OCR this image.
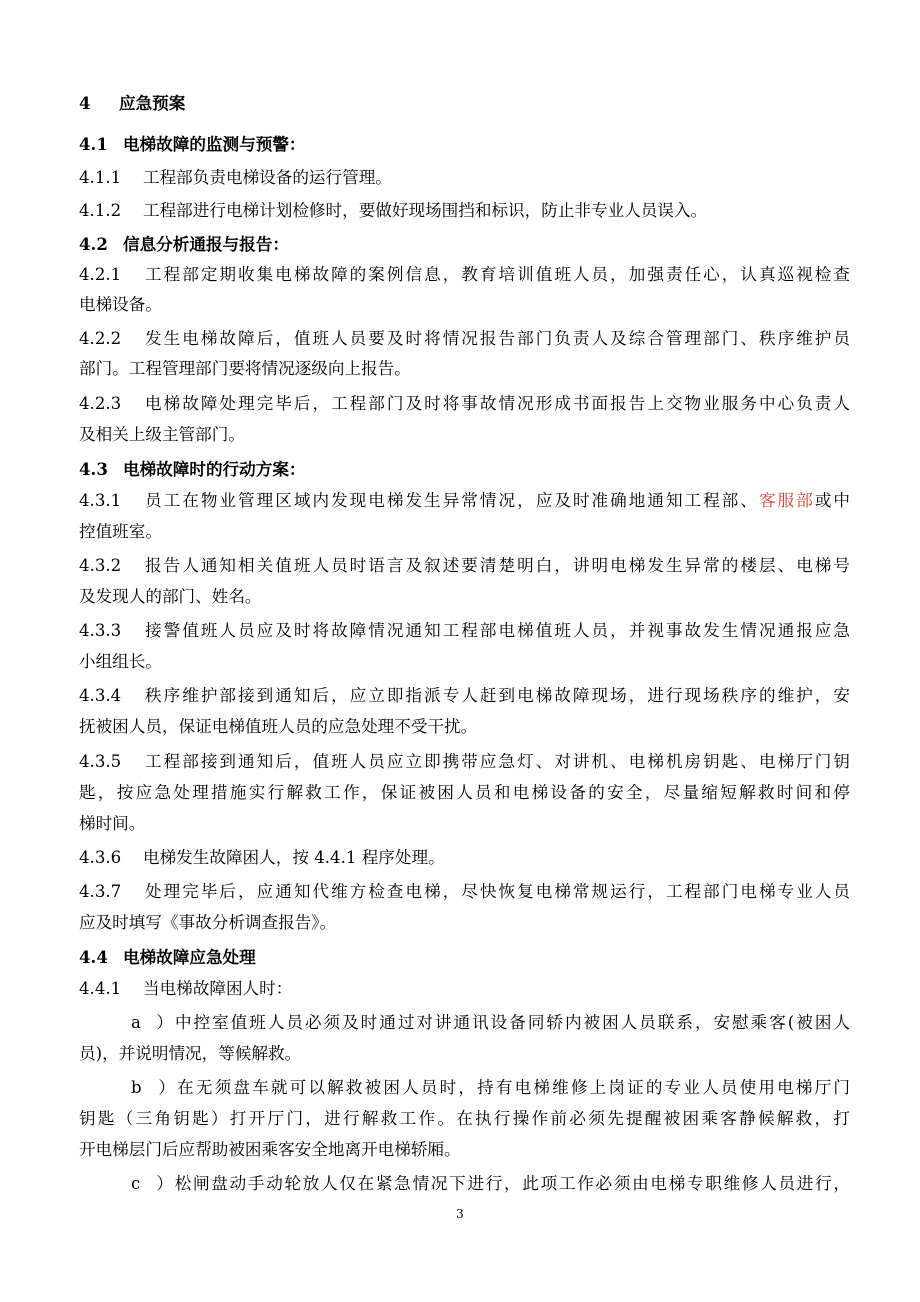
4 应急预案
4.1 电梯故障的监测与预警：
4.1.1 工程部负责电梯设备的运行管理。
4.1.2 工程部进行电梯计划检修时，要做好现场围挡和标识，防止非专业人员误入。
4.2 信息分析通报与报告：
4.2.1 工程部定期收集电梯故障的案例信息，教育培训值班人员，加强责任心，认真巡视检查
电梯设备。
4.2.2 发生电梯故障后，值班人员要及时将情况报告部门负责人及综合管理部门、秩序维护员
部门。工程管理部门要将情况逐级向上报告。
4.2.3 电梯故障处理完毕后，工程部门及时将事故情况形成书面报告上交物业服务中心负责人
及相关上级主管部门。
4.3 电梯故障时的行动方案：
4.3.1 员工在物业管理区域内发现电梯发生异常情况，应及时准确地通知工程部、客服部或中
控值班室。
4.3.2 报告人通知相关值班人员时语言及叙述要清楚明白，讲明电梯发生异常的楼层、电梯号
及发现人的部门、姓名。
4.3.3 接警值班人员应及时将故障情况通知工程部电梯值班人员，并视事故发生情况通报应急
小组组长。
4.3.4 秩序维护部接到通知后，应立即指派专人赶到电梯故障现场，进行现场秩序的维护，安
抚被困人员，保证电梯值班人员的应急处理不受干扰。
4.3.5 工程部接到通知后，值班人员应立即携带应急灯、对讲机、电梯机房钥匙、电梯厅门钥
匙，按应急处理措施实行解救工作，保证被困人员和电梯设备的安全，尽量缩短解救时间和停
梯时间。
4.3.6 电梯发生故障困人，按 4.4.1 程序处理。
4.3.7 处理完毕后，应通知代维方检查电梯，尽快恢复电梯常规运行，工程部门电梯专业人员
应及时填写《事故分析调查报告》。
4.4 电梯故障应急处理
4.4.1 当电梯故障困人时：
a）中控室值班人员必须及时通过对讲通讯设备同轿内被困人员联系，安慰乘客(被困人
员)，并说明情况，等候解救。
b）在无须盘车就可以解救被困人员时，持有电梯维修上岗证的专业人员使用电梯厅门
钥匙（三角钥匙）打开厅门，进行解救工作。在执行操作前必须先提醒被困乘客静候解救，打
开电梯层门后应帮助被困乘客安全地离开电梯轿厢。
c）松闸盘动手动轮放人仅在紧急情况下进行，此项工作必须由电梯专职维修人员进行，
3
